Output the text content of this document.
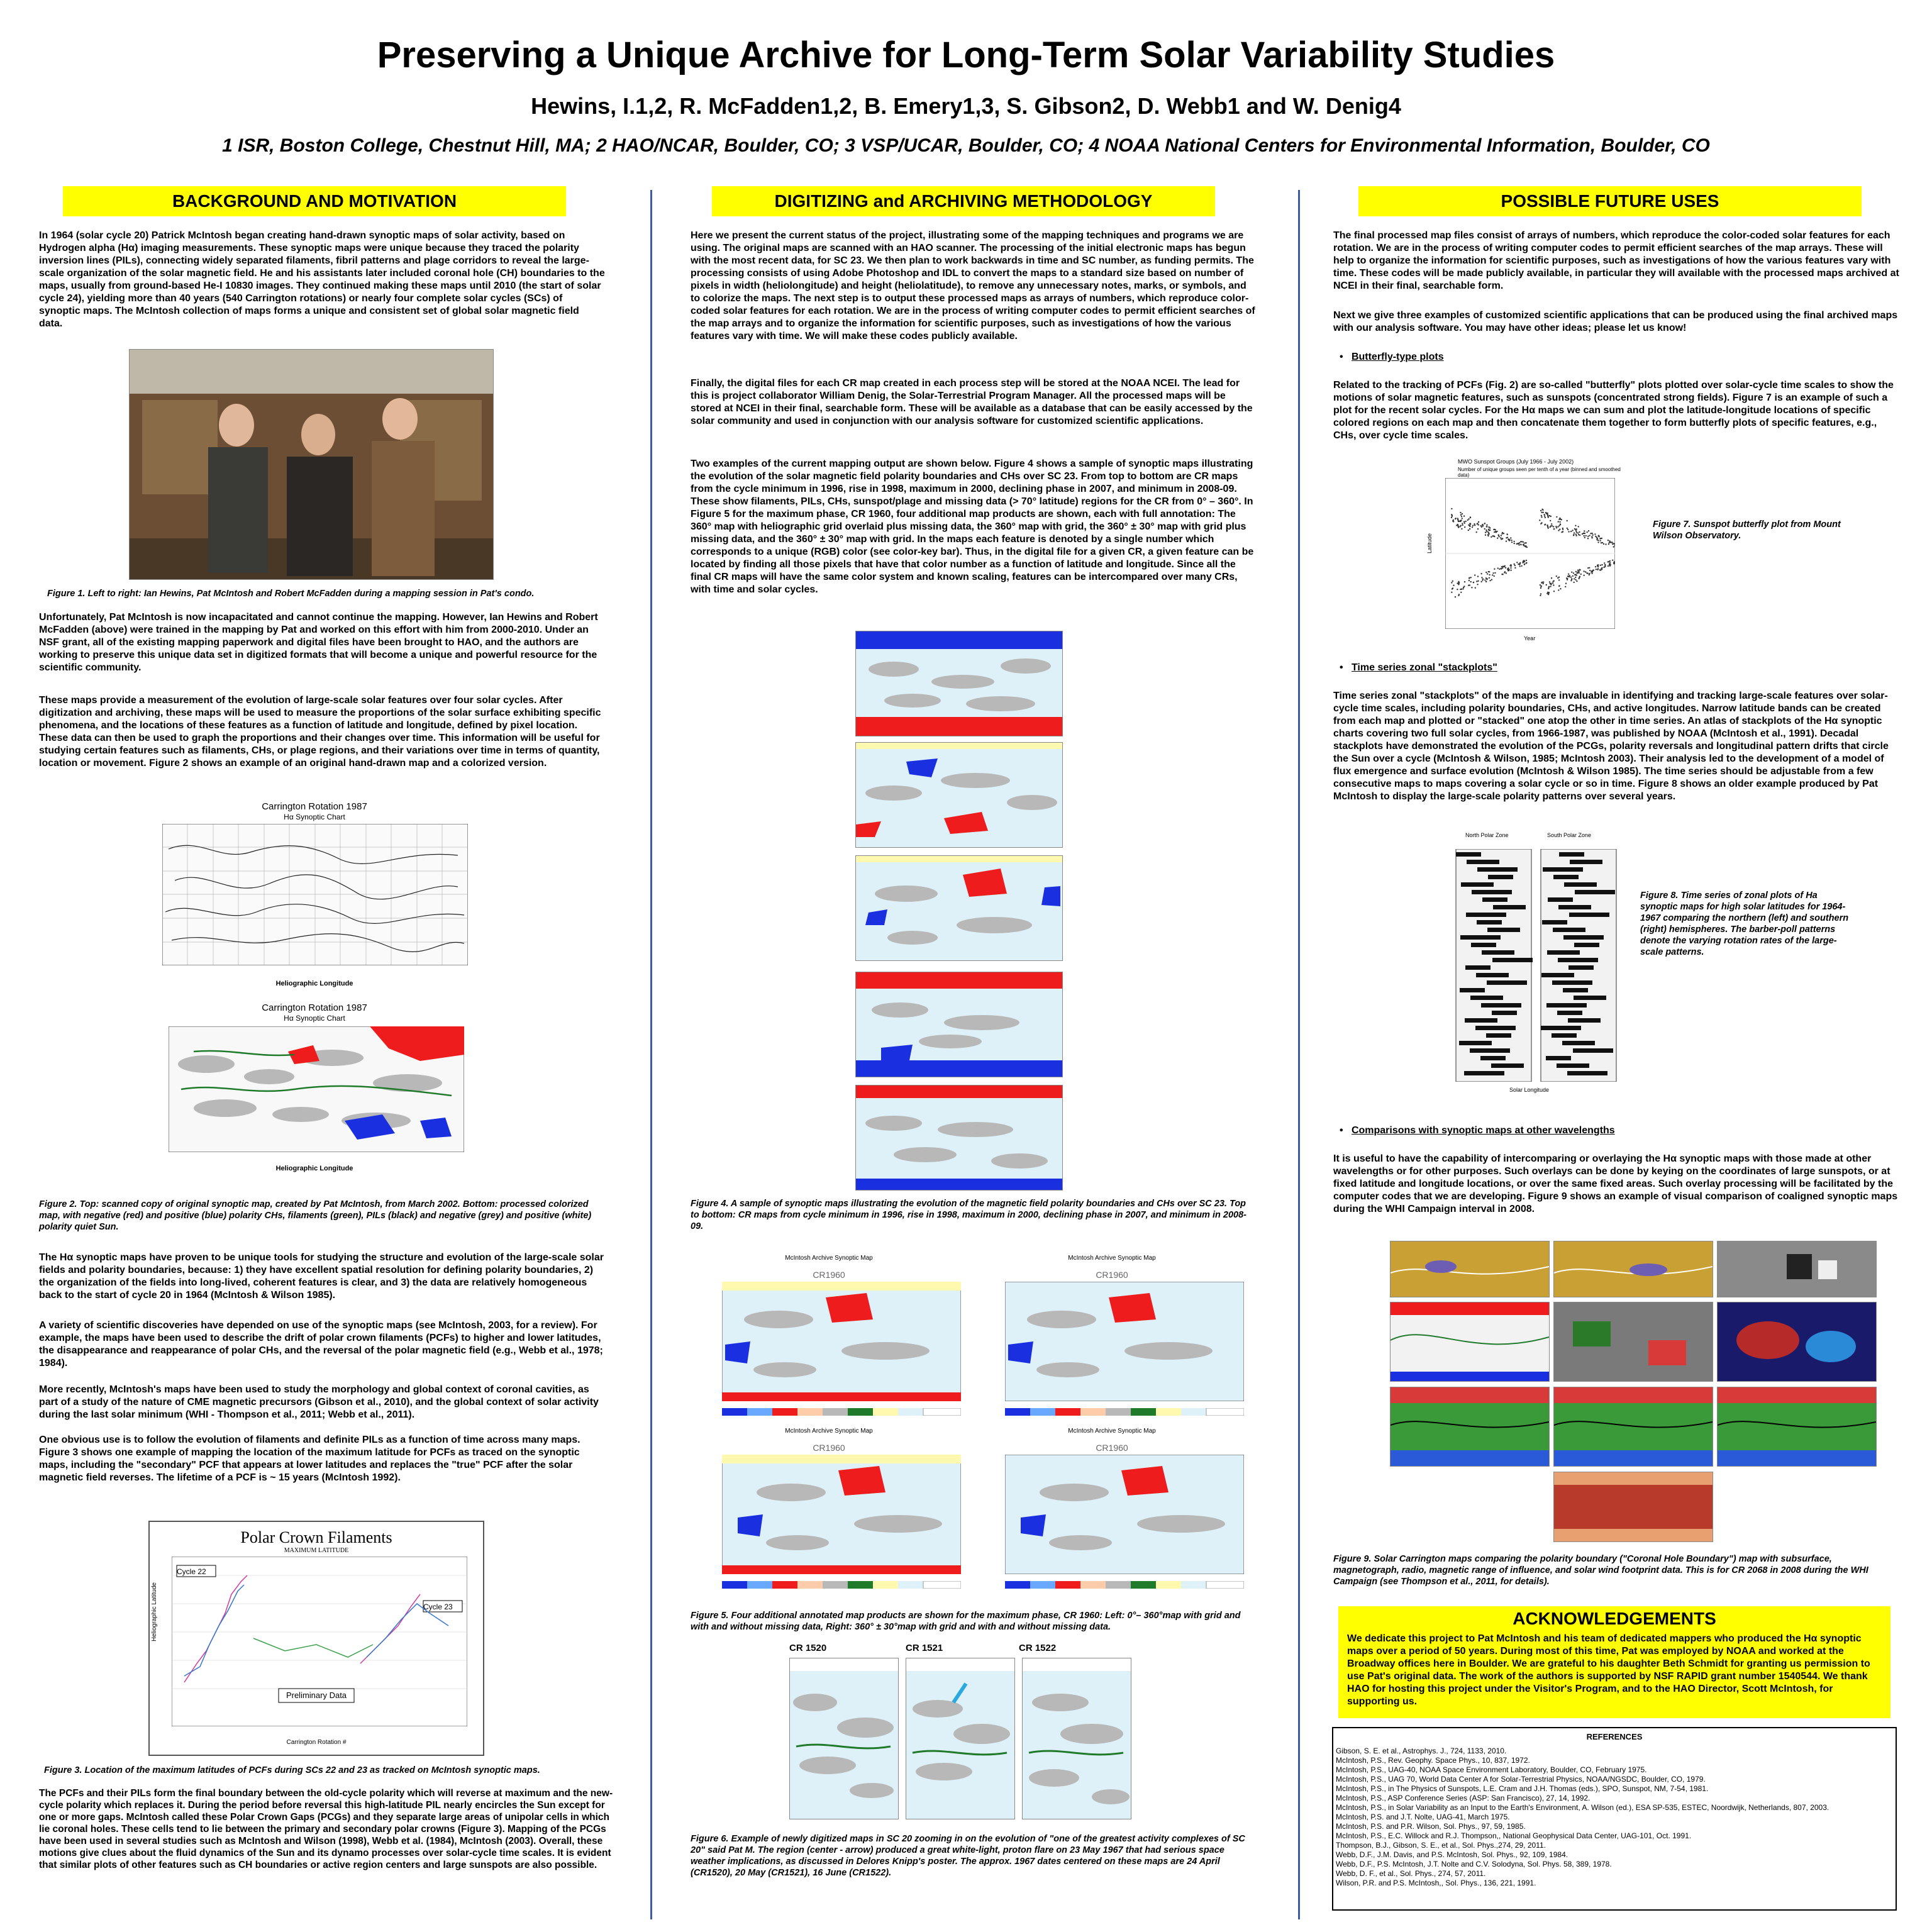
Preserving a Unique Archive for Long-Term Solar Variability Studies
Hewins, I.1,2, R. McFadden1,2, B. Emery1,3, S. Gibson2, D. Webb1 and W. Denig4
1 ISR, Boston College, Chestnut Hill, MA; 2 HAO/NCAR, Boulder, CO; 3 VSP/UCAR, Boulder, CO; 4 NOAA National Centers for Environmental Information, Boulder, CO
BACKGROUND AND MOTIVATION
In 1964 (solar cycle 20) Patrick McIntosh began creating hand-drawn synoptic maps of solar activity, based on Hydrogen alpha (Hα) imaging measurements. These synoptic maps were unique because they traced the polarity inversion lines (PILs), connecting widely separated filaments, fibril patterns and plage corridors to reveal the large-scale organization of the solar magnetic field. He and his assistants later included coronal hole (CH) boundaries to the maps, usually from ground-based He-I 10830 images. They continued making these maps until 2010 (the start of solar cycle 24), yielding more than 40 years (540 Carrington rotations) or nearly four complete solar cycles (SCs) of synoptic maps. The McIntosh collection of maps forms a unique and consistent set of global solar magnetic field data.
Figure 1. Left to right: Ian Hewins, Pat McIntosh and Robert McFadden during a mapping session in Pat's condo.
Unfortunately, Pat McIntosh is now incapacitated and cannot continue the mapping. However, Ian Hewins and Robert McFadden (above) were trained in the mapping by Pat and worked on this effort with him from 2000-2010. Under an NSF grant, all of the existing mapping paperwork and digital files have been brought to HAO, and the authors are working to preserve this unique data set in digitized formats that will become a unique and powerful resource for the scientific community.
These maps provide a measurement of the evolution of large-scale solar features over four solar cycles. After digitization and archiving, these maps will be used to measure the proportions of the solar surface exhibiting specific phenomena, and the locations of these features as a function of latitude and longitude, defined by pixel location. These data can then be used to graph the proportions and their changes over time. This information will be useful for studying certain features such as filaments, CHs, or plage regions, and their variations over time in terms of quantity, location or movement. Figure 2 shows an example of an original hand-drawn map and a colorized version.
Carrington Rotation 1987
Hα Synoptic Chart
Heliographic Longitude
Carrington Rotation 1987
Hα Synoptic Chart
Heliographic Longitude
Figure 2. Top: scanned copy of original synoptic map, created by Pat McIntosh, from March 2002. Bottom: processed colorized map, with negative (red) and positive (blue) polarity CHs, filaments (green), PILs (black) and negative (grey) and positive (white) polarity quiet Sun.
The Hα synoptic maps have proven to be unique tools for studying the structure and evolution of the large-scale solar fields and polarity boundaries, because: 1) they have excellent spatial resolution for defining polarity boundaries, 2) the organization of the fields into long-lived, coherent features is clear, and 3) the data are relatively homogeneous back to the start of cycle 20 in 1964 (McIntosh & Wilson 1985).
A variety of scientific discoveries have depended on use of the synoptic maps (see McIntosh, 2003, for a review). For example, the maps have been used to describe the drift of polar crown filaments (PCFs) to higher and lower latitudes, the disappearance and reappearance of polar CHs, and the reversal of the polar magnetic field (e.g., Webb et al., 1978; 1984).
More recently, McIntosh's maps have been used to study the morphology and global context of coronal cavities, as part of a study of the nature of CME magnetic precursors (Gibson et al., 2010), and the global context of solar activity during the last solar minimum (WHI - Thompson et al., 2011; Webb et al., 2011).
One obvious use is to follow the evolution of filaments and definite PILs as a function of time across many maps. Figure 3 shows one example of mapping the location of the maximum latitude for PCFs as traced on the synoptic maps, including the "secondary" PCF that appears at lower latitudes and replaces the "true" PCF after the solar magnetic field reverses. The lifetime of a PCF is ~ 15 years (McIntosh 1992).
Polar Crown Filaments
MAXIMUM LATITUDE
Cycle 22
Cycle 23
Preliminary Data
Heliographic Latitude
Carrington Rotation #
Figure 3. Location of the maximum latitudes of PCFs during SCs 22 and 23 as tracked on McIntosh synoptic maps.
The PCFs and their PILs form the final boundary between the old-cycle polarity which will reverse at maximum and the new-cycle polarity which replaces it. During the period before reversal this high-latitude PIL nearly encircles the Sun except for one or more gaps. McIntosh called these Polar Crown Gaps (PCGs) and they separate large areas of unipolar cells in which lie coronal holes. These cells tend to lie between the primary and secondary polar crowns (Figure 3). Mapping of the PCGs have been used in several studies such as McIntosh and Wilson (1998), Webb et al. (1984), McIntosh (2003). Overall, these motions give clues about the fluid dynamics of the Sun and its dynamo processes over solar-cycle time scales. It is evident that similar plots of other features such as CH boundaries or active region centers and large sunspots are also possible.
DIGITIZING and ARCHIVING METHODOLOGY
Here we present the current status of the project, illustrating some of the mapping techniques and programs we are using. The original maps are scanned with an HAO scanner. The processing of the initial electronic maps has begun with the most recent data, for SC 23. We then plan to work backwards in time and SC number, as funding permits. The processing consists of using Adobe Photoshop and IDL to convert the maps to a standard size based on number of pixels in width (heliolongitude) and height (heliolatitude), to remove any unnecessary notes, marks, or symbols, and to colorize the maps. The next step is to output these processed maps as arrays of numbers, which reproduce color-coded solar features for each rotation. We are in the process of writing computer codes to permit efficient searches of the map arrays and to organize the information for scientific purposes, such as investigations of how the various features vary with time. We will make these codes publicly available.
Finally, the digital files for each CR map created in each process step will be stored at the NOAA NCEI. The lead for this is project collaborator William Denig, the Solar-Terrestrial Program Manager. All the processed maps will be stored at NCEI in their final, searchable form. These will be available as a database that can be easily accessed by the solar community and used in conjunction with our analysis software for customized scientific applications.
Two examples of the current mapping output are shown below. Figure 4 shows a sample of synoptic maps illustrating the evolution of the solar magnetic field polarity boundaries and CHs over SC 23. From top to bottom are CR maps from the cycle minimum in 1996, rise in 1998, maximum in 2000, declining phase in 2007, and minimum in 2008-09. These show filaments, PILs, CHs, sunspot/plage and missing data (> 70° latitude) regions for the CR from 0° – 360°. In Figure 5 for the maximum phase, CR 1960, four additional map products are shown, each with full annotation: The 360° map with heliographic grid overlaid plus missing data, the 360° map with grid, the 360° ± 30° map with grid plus missing data, and the 360° ± 30° map with grid. In the maps each feature is denoted by a single number which corresponds to a unique (RGB) color (see color-key bar). Thus, in the digital file for a given CR, a given feature can be located by finding all those pixels that have that color number as a function of latitude and longitude. Since all the final CR maps will have the same color system and known scaling, features can be intercompared over many CRs, with time and solar cycles.
Figure 4. A sample of synoptic maps illustrating the evolution of the magnetic field polarity boundaries and CHs over SC 23. Top to bottom: CR maps from cycle minimum in 1996, rise in 1998, maximum in 2000, declining phase in 2007, and minimum in 2008-09.
McIntosh Archive Synoptic Map
CR1960
McIntosh Archive Synoptic Map
CR1960
McIntosh Archive Synoptic Map
CR1960
McIntosh Archive Synoptic Map
CR1960
Figure 5. Four additional annotated map products are shown for the maximum phase, CR 1960: Left: 0°– 360°map with grid and with and without missing data, Right: 360° ± 30°map with grid and with and without missing data.
CR 1520	CR 1521	CR 1522
Figure 6. Example of newly digitized maps in SC 20 zooming in on the evolution of "one of the greatest activity complexes of SC 20" said Pat M. The region (center - arrow) produced a great white-light, proton flare on 23 May 1967 that had serious space weather implications, as discussed in Delores Knipp's poster. The approx. 1967 dates centered on these maps are 24 April (CR1520), 20 May (CR1521), 16 June (CR1522).
POSSIBLE FUTURE USES
The final processed map files consist of arrays of numbers, which reproduce the color-coded solar features for each rotation. We are in the process of writing computer codes to permit efficient searches of the map arrays. These will help to organize the information for scientific purposes, such as investigations of how the various features vary with time. These codes will be made publicly available, in particular they will available with the processed maps archived at NCEI in their final, searchable form.
Next we give three examples of customized scientific applications that can be produced using the final archived maps with our analysis software. You may have other ideas; please let us know!
•   Butterfly-type plots
Related to the tracking of PCFs (Fig. 2) are so-called "butterfly" plots plotted over solar-cycle time scales to show the motions of solar magnetic features, such as sunspots (concentrated strong fields). Figure 7 is an example of such a plot for the recent solar cycles. For the Hα maps we can sum and plot the latitude-longitude locations of specific colored regions on each map and then concatenate them together to form butterfly plots of specific features, e.g., CHs, over cycle time scales.
MWO Sunspot Groups (July 1966 - July 2002)
Number of unique groups seen per tenth of a year (binned and smoothed data)
Latitude
Year
Figure 7. Sunspot butterfly plot from Mount Wilson Observatory.
•   Time series zonal "stackplots"
Time series zonal "stackplots" of the maps are invaluable in identifying and tracking large-scale features over solar-cycle time scales, including polarity boundaries, CHs, and active longitudes. Narrow latitude bands can be created from each map and plotted or "stacked" one atop the other in time series. An atlas of stackplots of the Hα synoptic charts covering two full solar cycles, from 1966-1987, was published by NOAA (McIntosh et al., 1991). Decadal stackplots have demonstrated the evolution of the PCGs, polarity reversals and longitudinal pattern drifts that circle the Sun over a cycle (McIntosh & Wilson, 1985; McIntosh 2003). Their analysis led to the development of a model of flux emergence and surface evolution (McIntosh & Wilson 1985). The time series should be adjustable from a few consecutive maps to maps covering a solar cycle or so in time. Figure 8 shows an older example produced by Pat McIntosh to display the large-scale polarity patterns over several years.
North Polar Zone	South Polar Zone
Solar Longitude
Figure 8. Time series of zonal plots of Ha synoptic maps for high solar latitudes for 1964-1967 comparing the northern (left) and southern (right) hemispheres. The barber-poll patterns denote the varying rotation rates of the large-scale patterns.
•   Comparisons with synoptic maps at other wavelengths
It is useful to have the capability of intercomparing or overlaying the Hα synoptic maps with those made at other wavelengths or for other purposes. Such overlays can be done by keying on the coordinates of large sunspots, or at fixed latitude and longitude locations, or over the same fixed areas. Such overlay processing will be facilitated by the computer codes that we are developing. Figure 9 shows an example of visual comparison of coaligned synoptic maps during the WHI Campaign interval in 2008.
Figure 9. Solar Carrington maps comparing the polarity boundary ("Coronal Hole Boundary") map with subsurface, magnetograph, radio, magnetic range of influence, and solar wind footprint data. This is for CR 2068 in 2008 during the WHI Campaign (see Thompson et al., 2011, for details).
ACKNOWLEDGEMENTS
We dedicate this project to Pat McIntosh and his team of dedicated mappers who produced the Hα synoptic maps over a period of 50 years. During most of this time, Pat was employed by NOAA and worked at the Broadway offices here in Boulder. We are grateful to his daughter Beth Schmidt for granting us permission to use Pat's original data. The work of the authors is supported by NSF RAPID grant number 1540544. We thank HAO for hosting this project under the Visitor's Program, and to the HAO Director, Scott McIntosh, for supporting us.
REFERENCES
Gibson, S. E. et al., Astrophys. J., 724, 1133, 2010.
McIntosh, P.S., Rev. Geophy. Space Phys., 10, 837, 1972.
McIntosh, P.S., UAG-40, NOAA Space Environment Laboratory, Boulder, CO, February 1975.
McIntosh, P.S., UAG 70, World Data Center A for Solar-Terrestrial Physics, NOAA/NGSDC, Boulder, CO, 1979.
McIntosh, P.S., in The Physics of Sunspots, L.E. Cram and J.H. Thomas (eds.), SPO, Sunspot, NM, 7-54, 1981.
McIntosh, P.S., ASP Conference Series (ASP: San Francisco), 27, 14, 1992.
McIntosh, P.S., in Solar Variability as an Input to the Earth's Environment, A. Wilson (ed.), ESA SP-535, ESTEC, Noordwijk, Netherlands, 807, 2003.
McIntosh, P.S. and J.T. Nolte, UAG-41, March 1975.
McIntosh, P.S. and P.R. Wilson, Sol. Phys., 97, 59, 1985.
McIntosh, P.S., E.C. Willock and R.J. Thompson,, National Geophysical Data Center, UAG-101, Oct. 1991.
Thompson, B.J., Gibson, S. E., et al., Sol. Phys.,274, 29, 2011.
Webb, D.F., J.M. Davis, and P.S. McIntosh, Sol. Phys., 92, 109, 1984.
Webb, D.F., P.S. McIntosh, J.T. Nolte and C.V. Solodyna, Sol. Phys. 58, 389, 1978.
Webb, D. F., et al., Sol. Phys., 274, 57, 2011.
Wilson, P.R. and P.S. McIntosh,, Sol. Phys., 136, 221, 1991.
